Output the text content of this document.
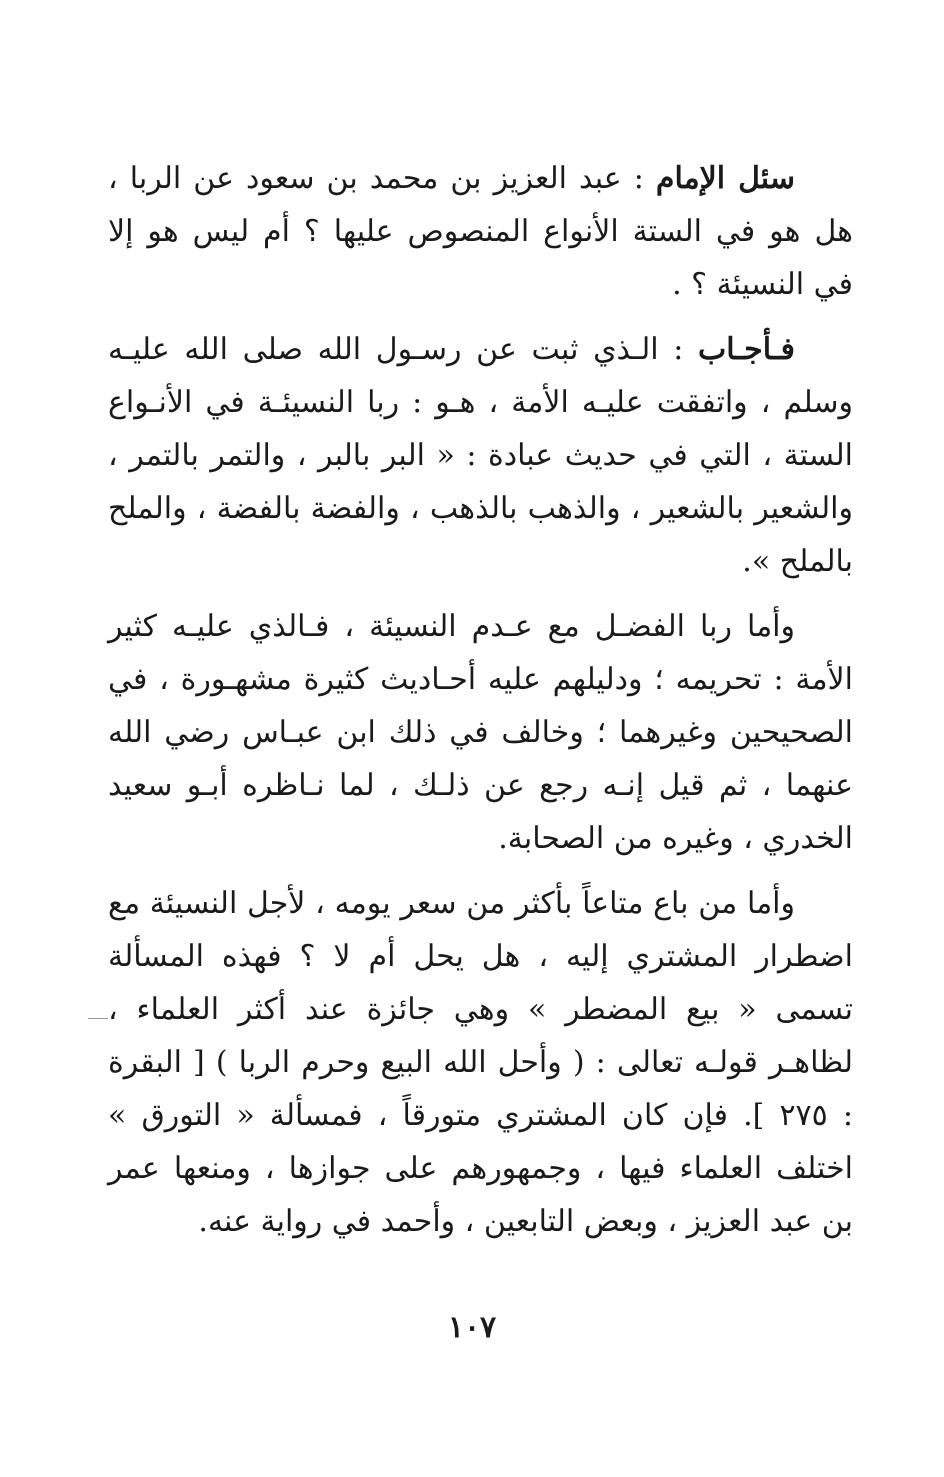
سئل الإمام : عبد العزيز بن محمد بن سعود عن الربا ، هل هو في الستة الأنواع المنصوص عليها ؟ أم ليس هو إلا في النسيئة ؟ .

فـأجـاب : الـذي ثبت عن رسـول الله صلى الله عليـه وسلم ، واتفقت عليـه الأمة ، هـو : ربا النسيئـة في الأنـواع الستة ، التي في حديث عبادة : « البر بالبر ، والتمر بالتمر ، والشعير بالشعير ، والذهب بالذهب ، والفضة بالفضة ، والملح بالملح ».

وأما ربا الفضـل مع عـدم النسيئة ، فـالذي عليـه كثير الأمة : تحريمه ؛ ودليلهم عليه أحـاديث كثيرة مشهـورة ، في الصحيحين وغيرهما ؛ وخالف في ذلك ابن عبـاس رضي الله عنهما ، ثم قيل إنـه رجع عن ذلـك ، لما نـاظره أبـو سعيد الخدري ، وغيره من الصحابة.

وأما من باع متاعاً بأكثر من سعر يومه ، لأجل النسيئة مع اضطرار المشتري إليه ، هل يحل أم لا ؟ فهذه المسألة تسمى « بيع المضطر » وهي جائزة عند أكثر العلماء ، لظاهـر قولـه تعالى : ( وأحل الله البيع وحرم الربا ) [ البقرة : ٢٧٥ ]. فإن كان المشتري متورقاً ، فمسألة « التورق » اختلف العلماء فيها ، وجمهورهم على جوازها ، ومنعها عمر بن عبد العزيز ، وبعض التابعين ، وأحمد في رواية عنه.

١٠٧
